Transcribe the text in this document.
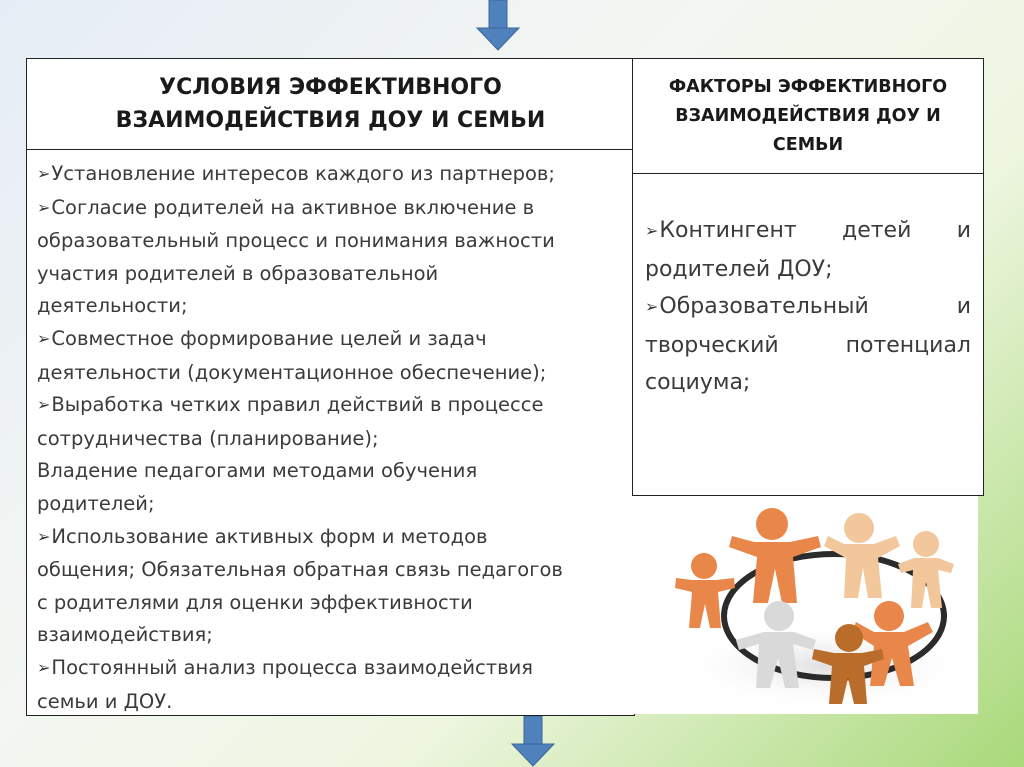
УСЛОВИЯ ЭФФЕКТИВНОГО ВЗАИМОДЕЙСТВИЯ ДОУ И СЕМЬИ
➢Установление интересов каждого из партнеров;
➢Согласие родителей на активное включение в
образовательный процесс и понимания важности
участия родителей в образовательной
деятельности;
➢Совместное формирование целей и задач
деятельности (документационное обеспечение);
➢Выработка четких правил действий в процессе
сотрудничества (планирование);
Владение педагогами методами обучения
родителей;
➢Использование активных форм и методов
общения; Обязательная обратная связь педагогов
с родителями для оценки эффективности
взаимодействия;
➢Постоянный анализ процесса взаимодействия
семьи и ДОУ.
ФАКТОРЫ ЭФФЕКТИВНОГО ВЗАИМОДЕЙСТВИЯ ДОУ И СЕМЬИ
➢Контингент детей и
родителей ДОУ;
➢Образовательный и
творческий потенциал
социума;
